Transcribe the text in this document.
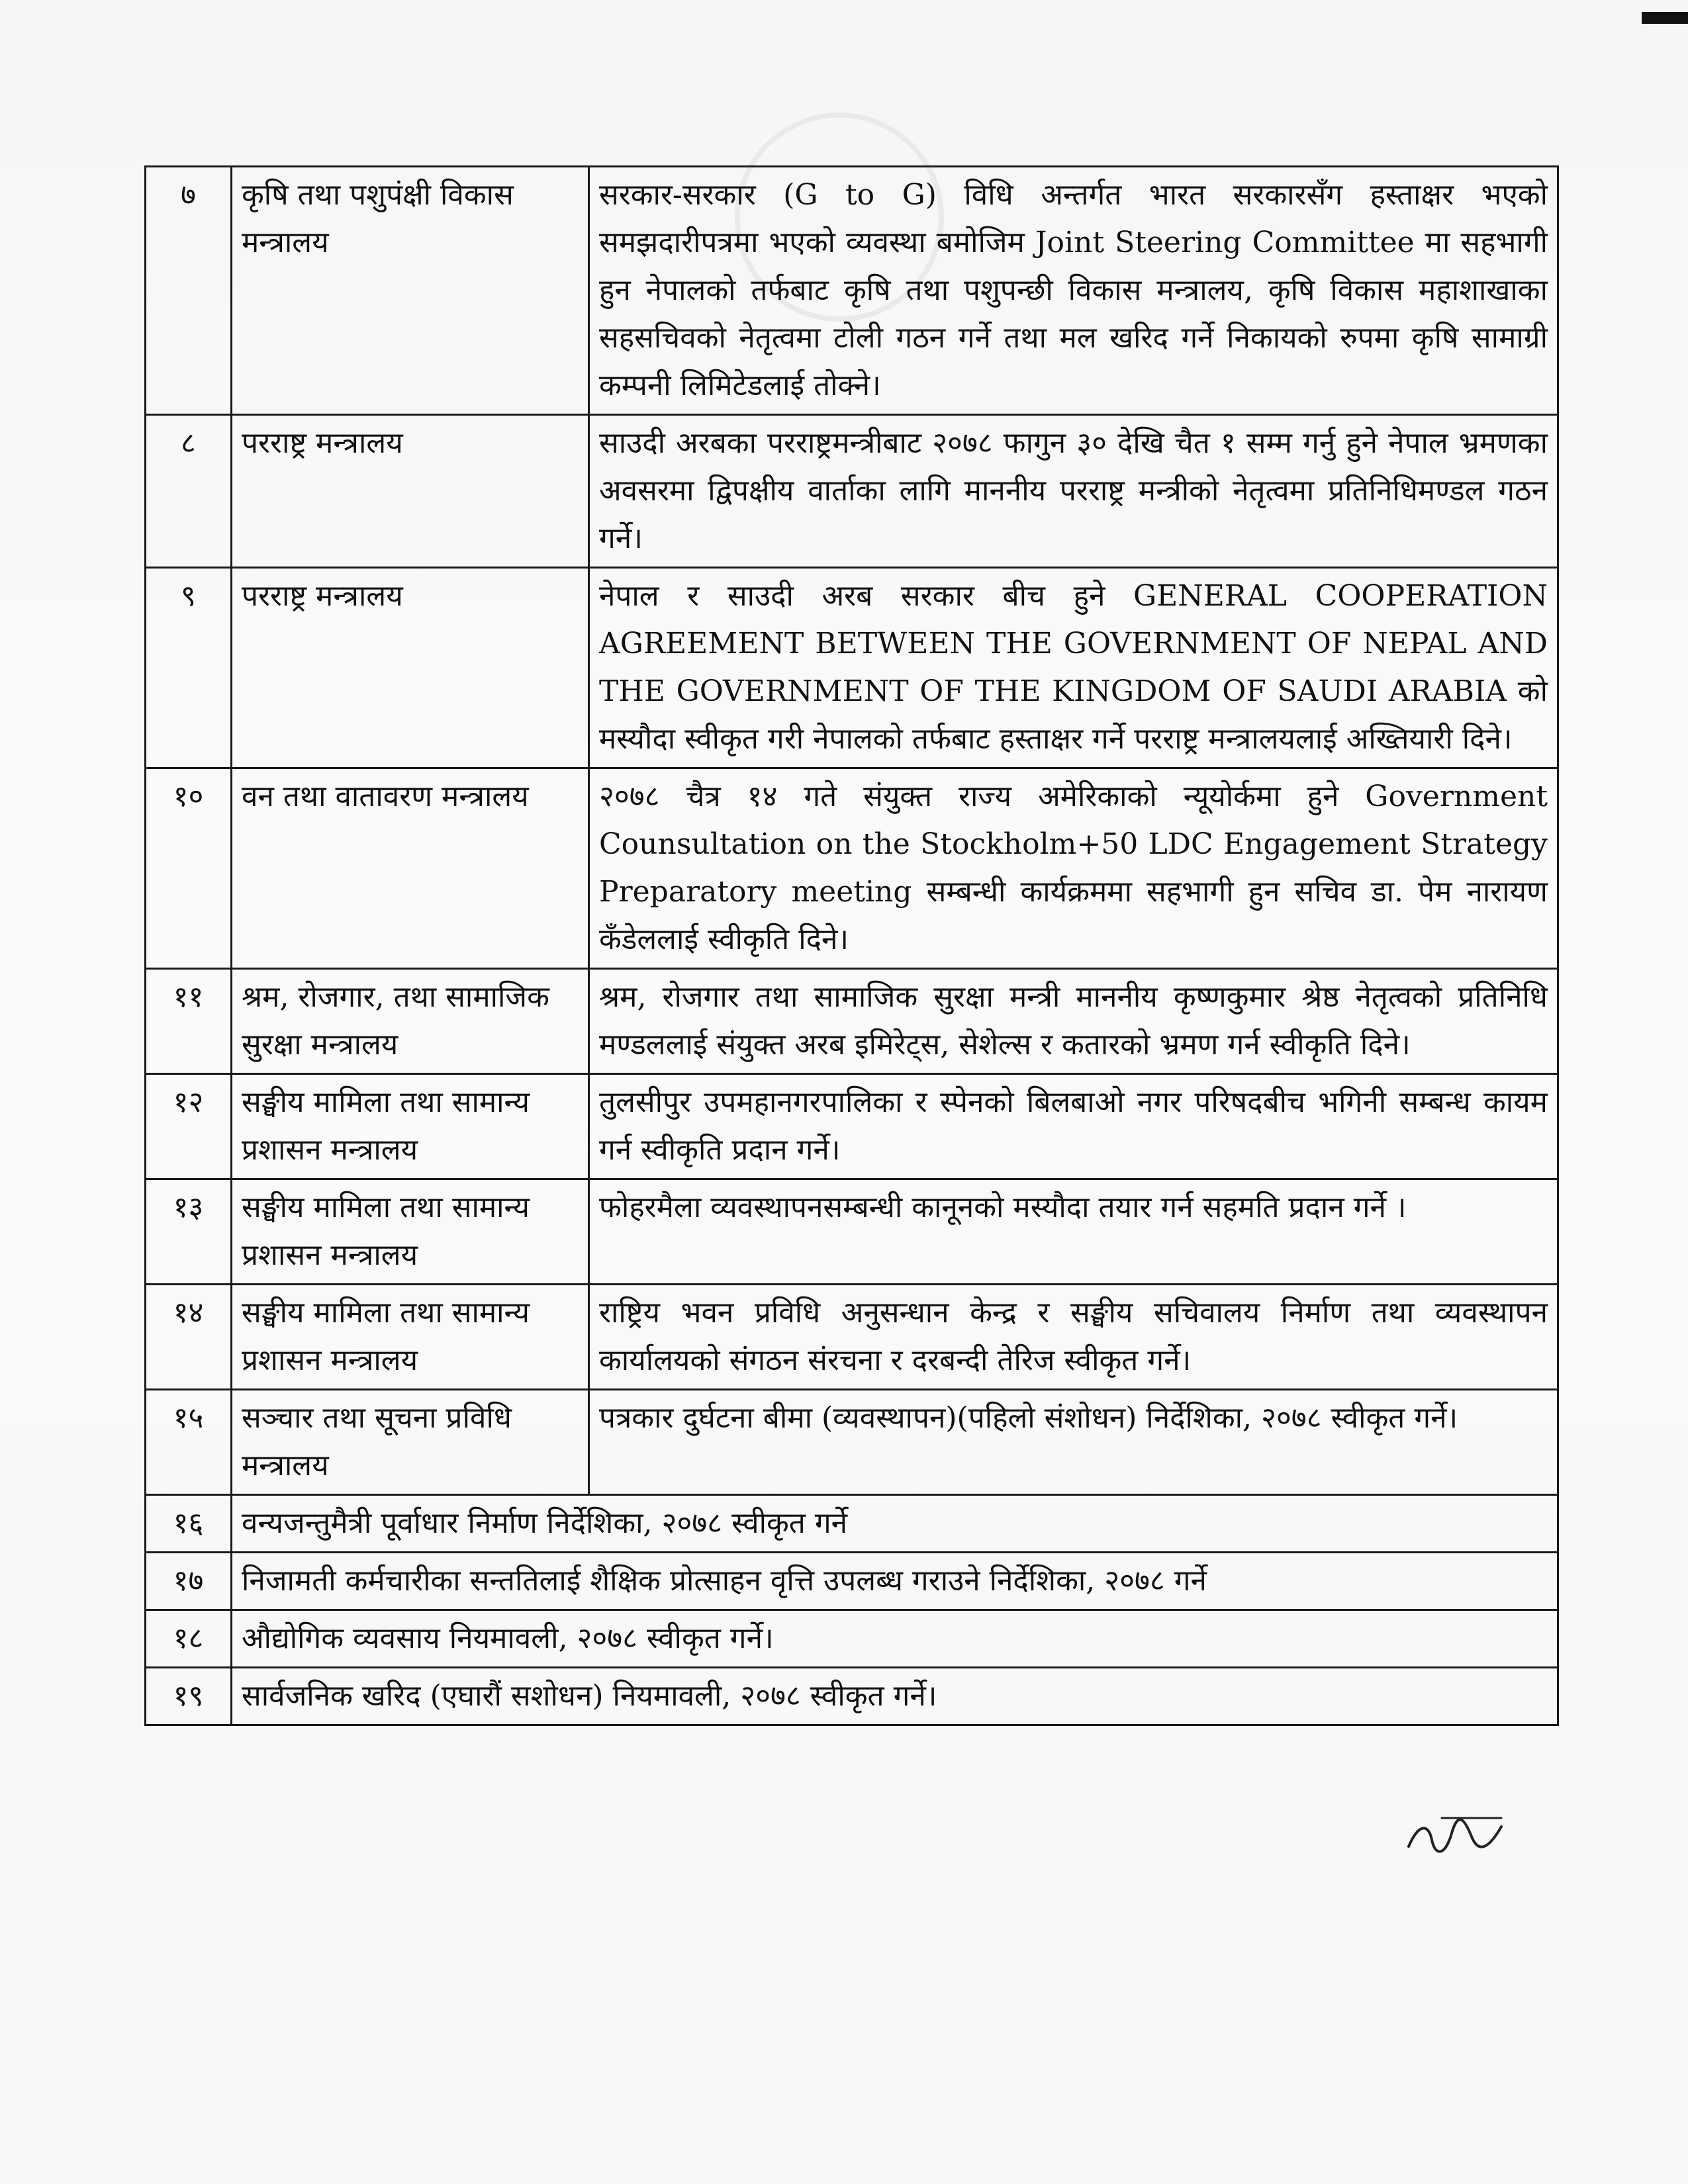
७	कृषि तथा पशुपंक्षी विकास मन्त्रालय	सरकार-सरकार (G to G) विधि अन्तर्गत भारत सरकारसँग हस्ताक्षर भएको समझदारीपत्रमा भएको व्यवस्था बमोजिम Joint Steering Committee मा सहभागी हुन नेपालको तर्फबाट कृषि तथा पशुपन्छी विकास मन्त्रालय, कृषि विकास महाशाखाका सहसचिवको नेतृत्वमा टोली गठन गर्ने तथा मल खरिद गर्ने निकायको रुपमा कृषि सामाग्री कम्पनी लिमिटेडलाई तोक्ने।
८	परराष्ट्र मन्त्रालय	साउदी अरबका परराष्ट्रमन्त्रीबाट २०७८ फागुन ३० देखि चैत १ सम्म गर्नु हुने नेपाल भ्रमणका अवसरमा द्विपक्षीय वार्ताका लागि माननीय परराष्ट्र मन्त्रीको नेतृत्वमा प्रतिनिधिमण्डल गठन गर्ने।
९	परराष्ट्र मन्त्रालय	नेपाल र साउदी अरब सरकार बीच हुने GENERAL COOPERATION AGREEMENT BETWEEN THE GOVERNMENT OF NEPAL AND THE GOVERNMENT OF THE KINGDOM OF SAUDI ARABIA को मस्यौदा स्वीकृत गरी नेपालको तर्फबाट हस्ताक्षर गर्ने परराष्ट्र मन्त्रालयलाई अख्तियारी दिने।
१०	वन तथा वातावरण मन्त्रालय	२०७८ चैत्र १४ गते संयुक्त राज्य अमेरिकाको न्यूयोर्कमा हुने Government Counsultation on the Stockholm+50 LDC Engagement Strategy Preparatory meeting सम्बन्धी कार्यक्रममा सहभागी हुन सचिव डा. पेम नारायण कँडेललाई स्वीकृति दिने।
११	श्रम, रोजगार, तथा सामाजिक सुरक्षा मन्त्रालय	श्रम, रोजगार तथा सामाजिक सुरक्षा मन्त्री माननीय कृष्णकुमार श्रेष्ठ नेतृत्वको प्रतिनिधि मण्डललाई संयुक्त अरब इमिरेट्स, सेशेल्स र कतारको भ्रमण गर्न स्वीकृति दिने।
१२	सङ्घीय मामिला तथा सामान्य प्रशासन मन्त्रालय	तुलसीपुर उपमहानगरपालिका र स्पेनको बिलबाओ नगर परिषदबीच भगिनी सम्बन्ध कायम गर्न स्वीकृति प्रदान गर्ने।
१३	सङ्घीय मामिला तथा सामान्य प्रशासन मन्त्रालय	फोहरमैला व्यवस्थापनसम्बन्धी कानूनको मस्यौदा तयार गर्न सहमति प्रदान गर्ने ।
१४	सङ्घीय मामिला तथा सामान्य प्रशासन मन्त्रालय	राष्ट्रिय भवन प्रविधि अनुसन्धान केन्द्र र सङ्घीय सचिवालय निर्माण तथा व्यवस्थापन कार्यालयको संगठन संरचना र दरबन्दी तेरिज स्वीकृत गर्ने।
१५	सञ्चार तथा सूचना प्रविधि मन्त्रालय	पत्रकार दुर्घटना बीमा (व्यवस्थापन)(पहिलो संशोधन) निर्देशिका, २०७८ स्वीकृत गर्ने।
१६	वन्यजन्तुमैत्री पूर्वाधार निर्माण निर्देशिका, २०७८ स्वीकृत गर्ने	
१७	निजामती कर्मचारीका सन्ततिलाई शैक्षिक प्रोत्साहन वृत्ति उपलब्ध गराउने निर्देशिका, २०७८ गर्ने	
१८	औद्योगिक व्यवसाय नियमावली, २०७८ स्वीकृत गर्ने।	
१९	सार्वजनिक खरिद (एघारौं सशोधन) नियमावली, २०७८ स्वीकृत गर्ने।	
